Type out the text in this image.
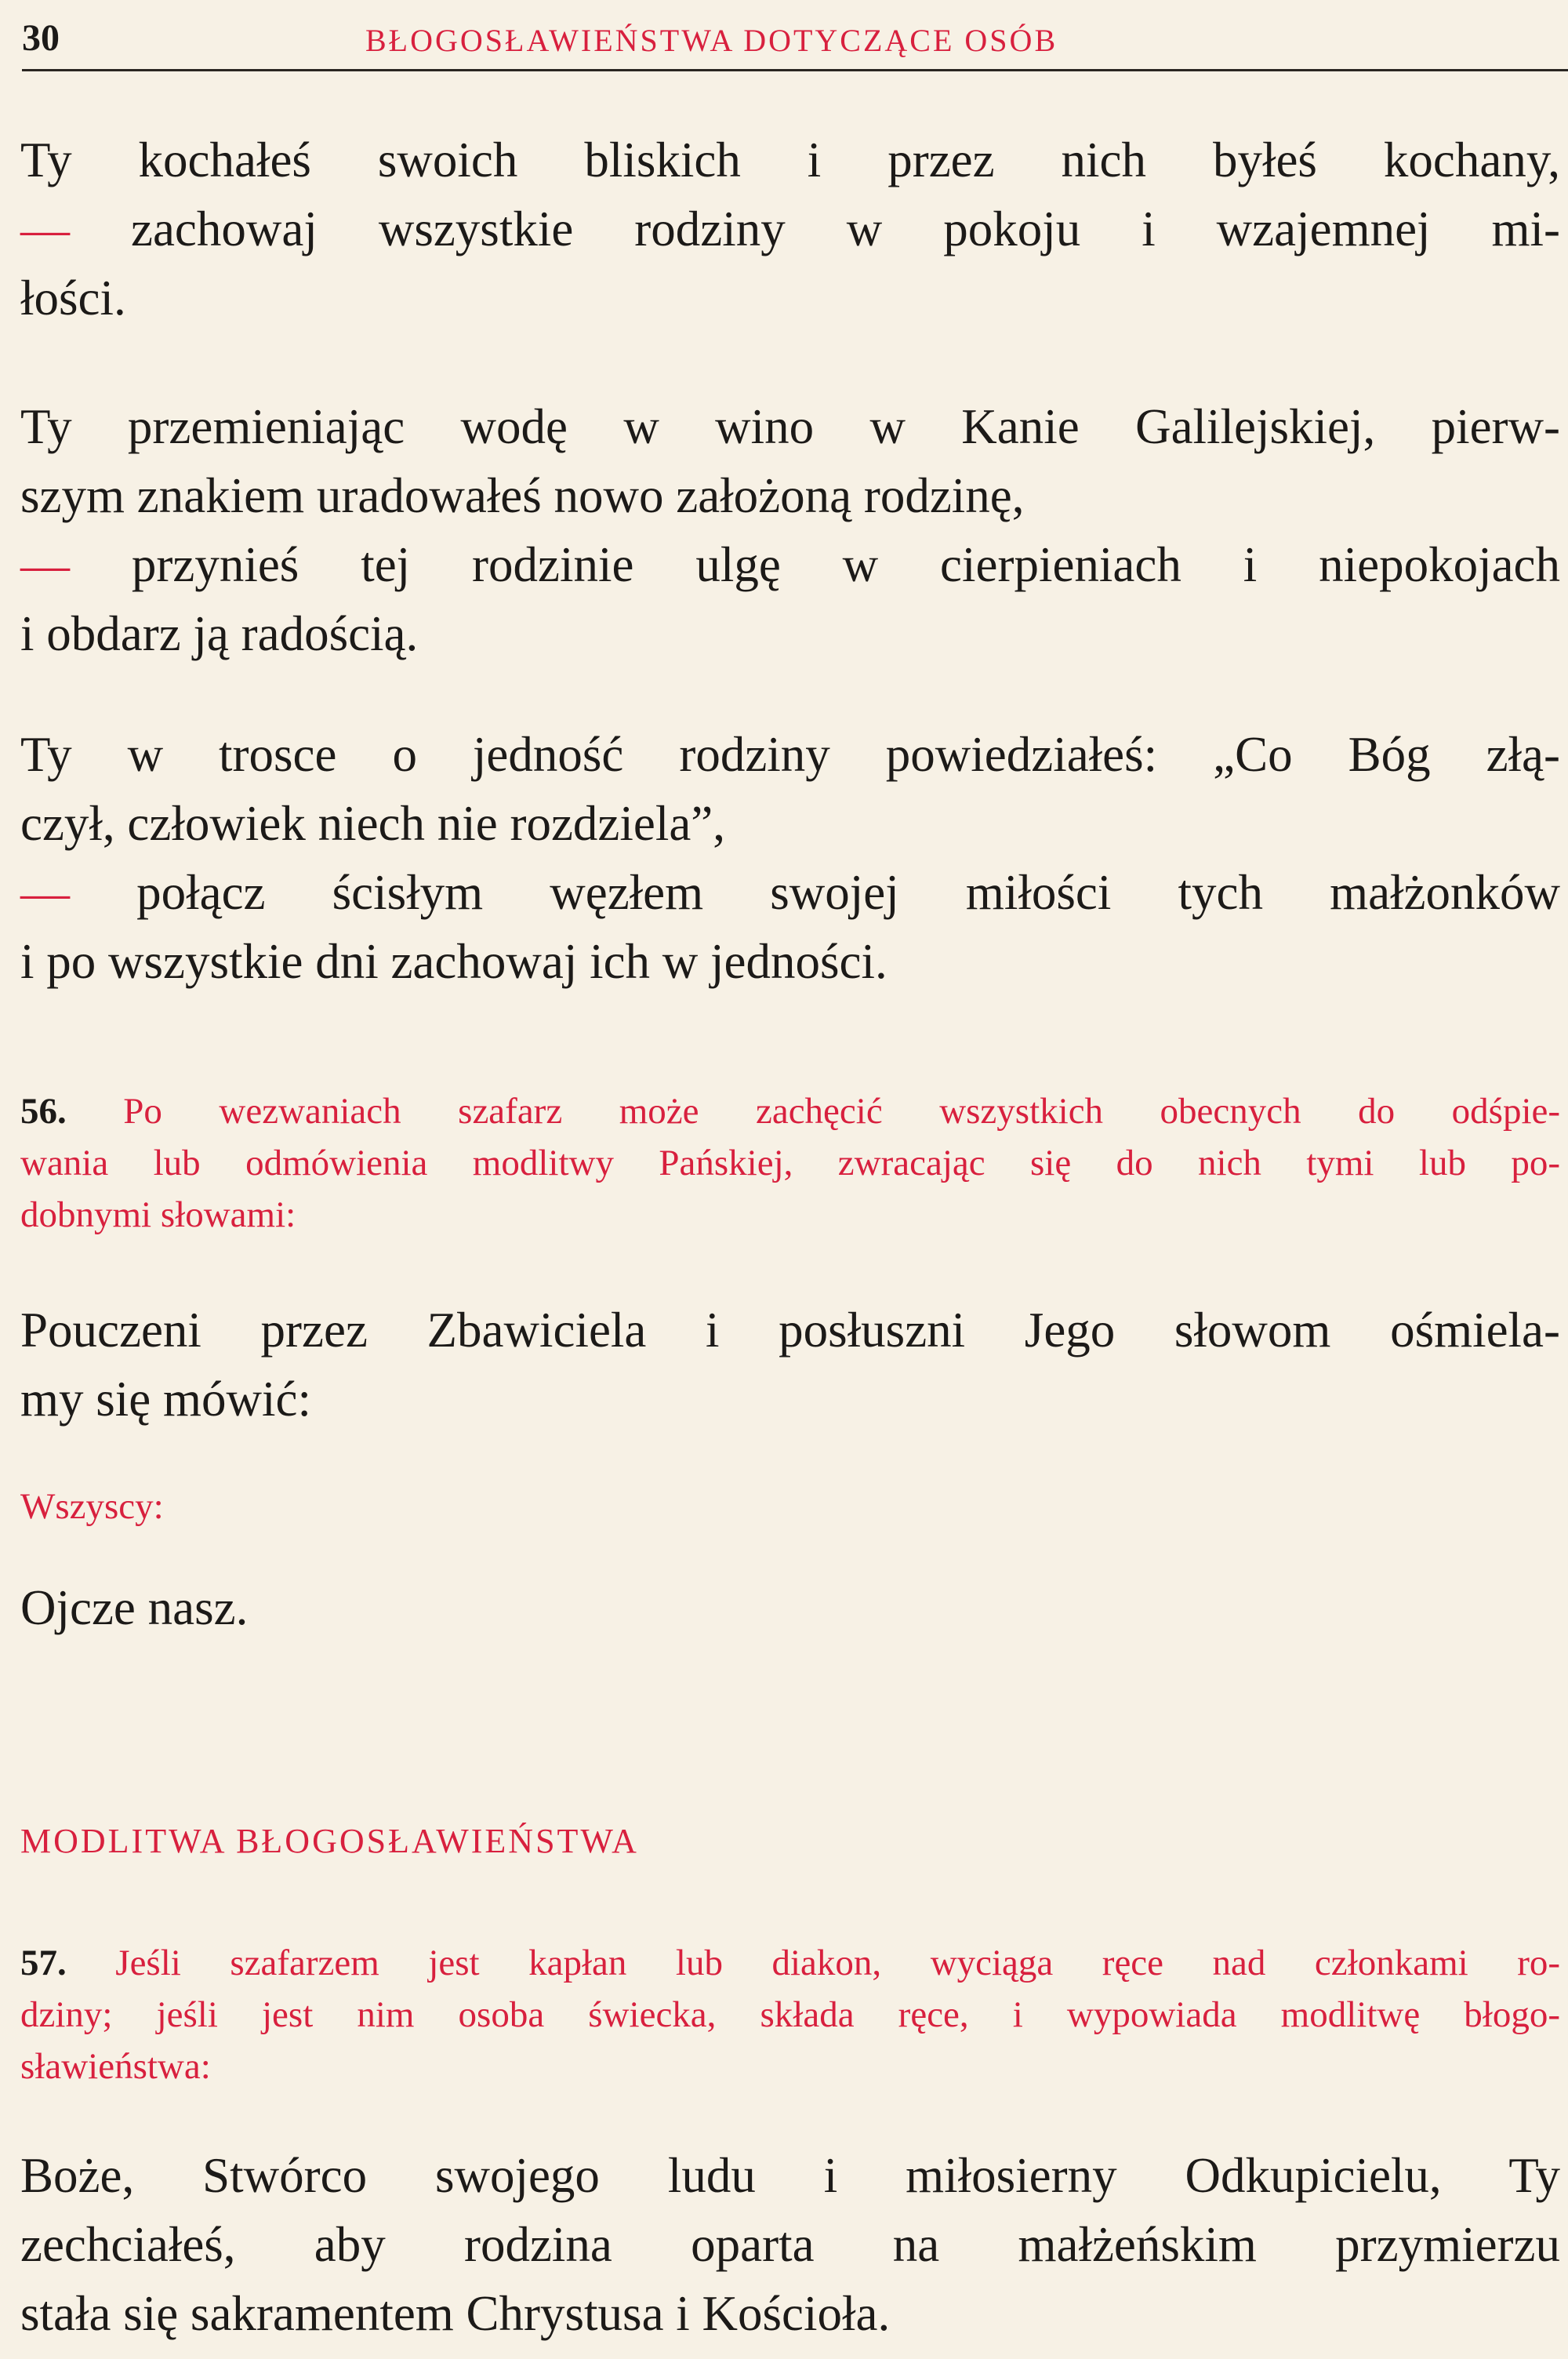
30	BŁOGOSŁAWIEŃSTWA DOTYCZĄCE OSÓB
Ty kochałeś swoich bliskich i przez nich byłeś kochany,
— zachowaj wszystkie rodziny w pokoju i wzajemnej mi-
łości.
Ty przemieniając wodę w wino w Kanie Galilejskiej, pierw-
szym znakiem uradowałeś nowo założoną rodzinę,
— przynieś tej rodzinie ulgę w cierpieniach i niepokojach
i obdarz ją radością.
Ty w trosce o jedność rodziny powiedziałeś: „Co Bóg złą-
czył, człowiek niech nie rozdziela”,
— połącz ścisłym węzłem swojej miłości tych małżonków
i po wszystkie dni zachowaj ich w jedności.
56. Po wezwaniach szafarz może zachęcić wszystkich obecnych do odśpie-
wania lub odmówienia modlitwy Pańskiej, zwracając się do nich tymi lub po-
dobnymi słowami:
Pouczeni przez Zbawiciela i posłuszni Jego słowom ośmiela-
my się mówić:
Wszyscy:
Ojcze nasz.
MODLITWA BŁOGOSŁAWIEŃSTWA
57. Jeśli szafarzem jest kapłan lub diakon, wyciąga ręce nad członkami ro-
dziny; jeśli jest nim osoba świecka, składa ręce, i wypowiada modlitwę błogo-
sławieństwa:
Boże, Stwórco swojego ludu i miłosierny Odkupicielu, Ty
zechciałeś, aby rodzina oparta na małżeńskim przymierzu
stała się sakramentem Chrystusa i Kościoła.
